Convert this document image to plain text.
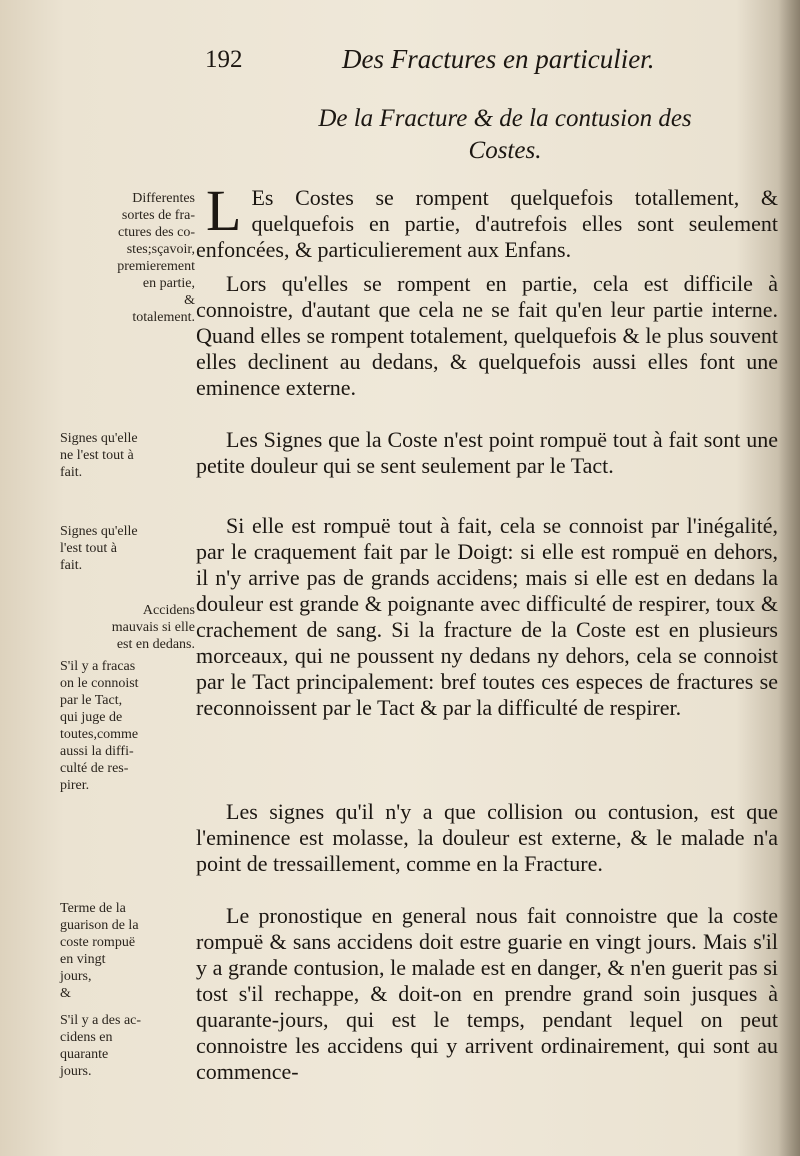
192	Des Fractures en particulier.
De la Fracture & de la contusion des
Costes.
Differentes
sortes de fra-
ctures des co-
stes;sçavoir,
premierement
en partie,
&
totalement.
Signes qu'elle
ne l'est tout à
fait.
Signes qu'elle
l'est tout à
fait.
Accidens
mauvais si elle
est en dedans.
S'il y a fracas
on le connoist
par le Tact,
qui juge de
toutes,comme
aussi la diffi-
culté de res-
pirer.
Terme de la
guarison de la
coste rompuë
en vingt
jours,
&
S'il y a des ac-
cidens en
quarante
jours.

L Es Costes se rompent quelquefois totallement, & quelquefois en partie, d'autrefois elles sont seulement enfoncées, & particulierement aux Enfans.

Lors qu'elles se rompent en partie, cela est difficile à connoistre, d'autant que cela ne se fait qu'en leur partie interne. Quand elles se rompent totalement, quelquefois & le plus souvent elles declinent au dedans, & quelquefois aussi elles font une eminence externe.

Les Signes que la Coste n'est point rompuë tout à fait sont une petite douleur qui se sent seulement par le Tact.

Si elle est rompuë tout à fait, cela se connoist par l'inégalité, par le craquement fait par le Doigt: si elle est rompuë en dehors, il n'y arrive pas de grands accidens; mais si elle est en dedans la douleur est grande & poignante avec difficulté de respirer, toux & crachement de sang. Si la fracture de la Coste est en plusieurs morceaux, qui ne poussent ny dedans ny dehors, cela se connoist par le Tact principalement: bref toutes ces especes de fractures se reconnoissent par le Tact & par la difficulté de respirer.

Les signes qu'il n'y a que collision ou contusion, est que l'eminence est molasse, la douleur est externe, & le malade n'a point de tressaillement, comme en la Fracture.

Le pronostique en general nous fait connoistre que la coste rompuë & sans accidens doit estre guarie en vingt jours. Mais s'il y a grande contusion, le malade est en danger, & n'en guerit pas si tost s'il rechappe, & doit-on en prendre grand soin jusques à quarante-jours, qui est le temps, pendant lequel on peut connoistre les accidens qui y arrivent ordinairement, qui sont au commence-
